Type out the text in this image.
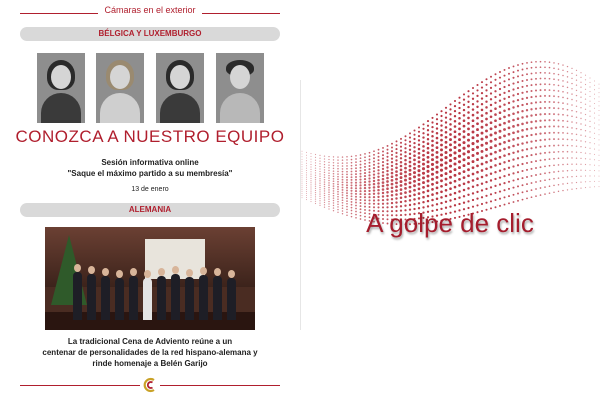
Cámaras en el exterior
BÉLGICA Y LUXEMBURGO
CONOZCA A NUESTRO EQUIPO
Sesión informativa online
"Saque el máximo partido a su membresía"
13 de enero
ALEMANIA
La tradicional Cena de Adviento reúne a un
centenar de personalidades de la red hispano-alemana y
rinde homenaje a Belén Garijo
A golpe de clic
